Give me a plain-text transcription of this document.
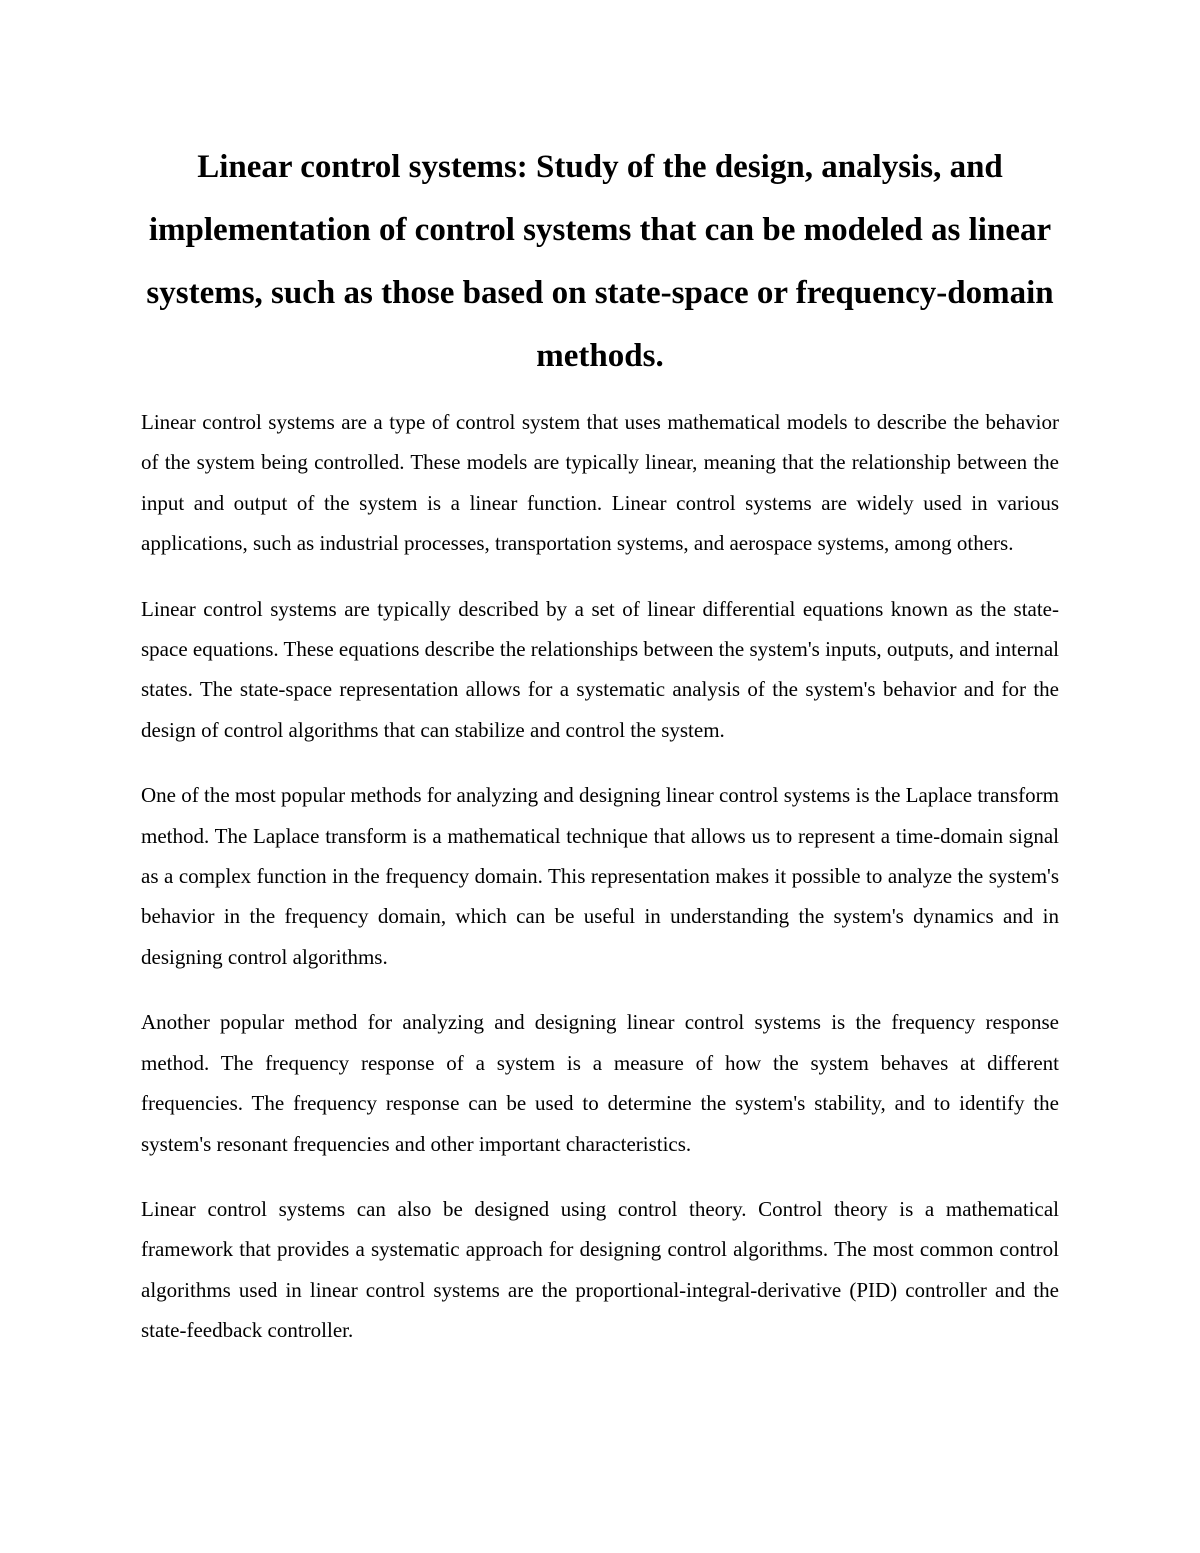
Linear control systems: Study of the design, analysis, and implementation of control systems that can be modeled as linear systems, such as those based on state-space or frequency-domain methods.

Linear control systems are a type of control system that uses mathematical models to describe the behavior of the system being controlled. These models are typically linear, meaning that the relationship between the input and output of the system is a linear function. Linear control systems are widely used in various applications, such as industrial processes, transportation systems, and aerospace systems, among others.

Linear control systems are typically described by a set of linear differential equations known as the state-space equations. These equations describe the relationships between the system's inputs, outputs, and internal states. The state-space representation allows for a systematic analysis of the system's behavior and for the design of control algorithms that can stabilize and control the system.

One of the most popular methods for analyzing and designing linear control systems is the Laplace transform method. The Laplace transform is a mathematical technique that allows us to represent a time-domain signal as a complex function in the frequency domain. This representation makes it possible to analyze the system's behavior in the frequency domain, which can be useful in understanding the system's dynamics and in designing control algorithms.

Another popular method for analyzing and designing linear control systems is the frequency response method. The frequency response of a system is a measure of how the system behaves at different frequencies. The frequency response can be used to determine the system's stability, and to identify the system's resonant frequencies and other important characteristics.

Linear control systems can also be designed using control theory. Control theory is a mathematical framework that provides a systematic approach for designing control algorithms. The most common control algorithms used in linear control systems are the proportional-integral-derivative (PID) controller and the state-feedback controller.
